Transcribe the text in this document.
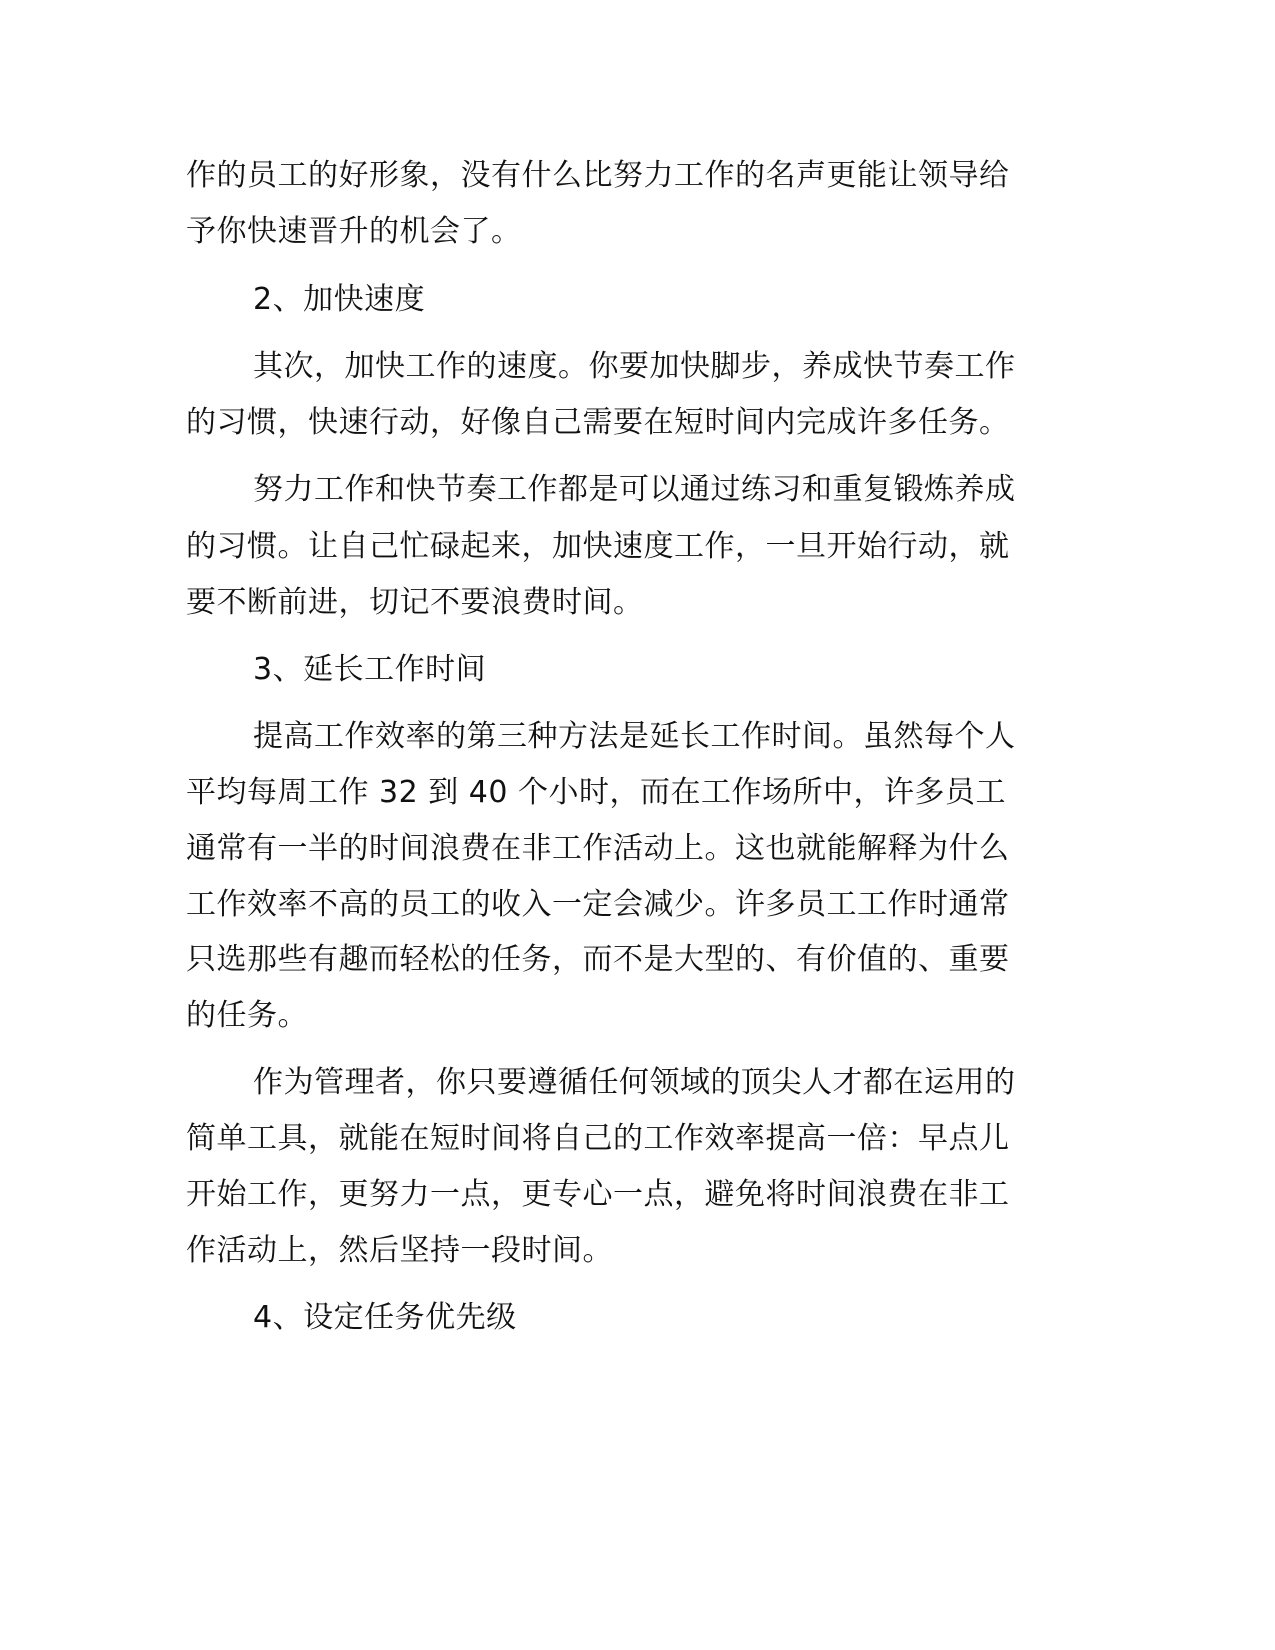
作的员工的好形象，没有什么比努力工作的名声更能让领导给
予你快速晋升的机会了。
2、加快速度
其次，加快工作的速度。你要加快脚步，养成快节奏工作
的习惯，快速行动，好像自己需要在短时间内完成许多任务。
努力工作和快节奏工作都是可以通过练习和重复锻炼养成
的习惯。让自己忙碌起来，加快速度工作，一旦开始行动，就
要不断前进，切记不要浪费时间。
3、延长工作时间
提高工作效率的第三种方法是延长工作时间。虽然每个人
平均每周工作 32 到 40 个小时，而在工作场所中，许多员工
通常有一半的时间浪费在非工作活动上。这也就能解释为什么
工作效率不高的员工的收入一定会减少。许多员工工作时通常
只选那些有趣而轻松的任务，而不是大型的、有价值的、重要
的任务。
作为管理者，你只要遵循任何领域的顶尖人才都在运用的
简单工具，就能在短时间将自己的工作效率提高一倍：早点儿
开始工作，更努力一点，更专心一点，避免将时间浪费在非工
作活动上，然后坚持一段时间。
4、设定任务优先级
